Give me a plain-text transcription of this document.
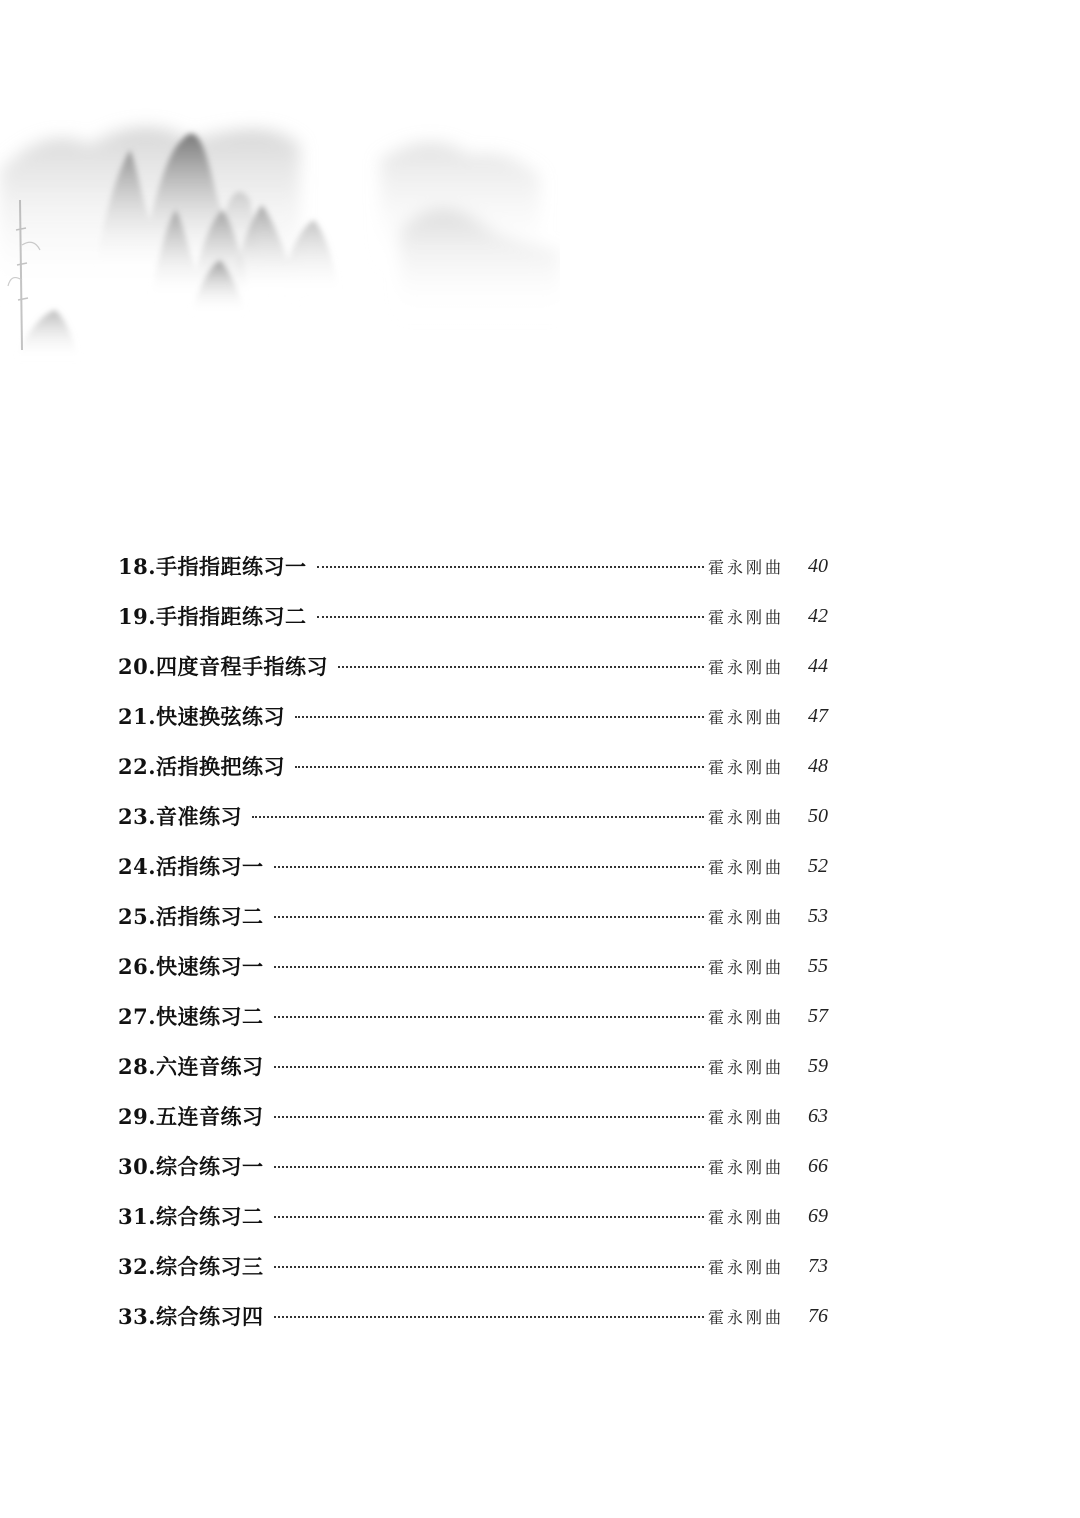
18.手指指距练习一	霍永刚曲	40
19.手指指距练习二	霍永刚曲	42
20.四度音程手指练习	霍永刚曲	44
21.快速换弦练习	霍永刚曲	47
22.活指换把练习	霍永刚曲	48
23.音准练习	霍永刚曲	50
24.活指练习一	霍永刚曲	52
25.活指练习二	霍永刚曲	53
26.快速练习一	霍永刚曲	55
27.快速练习二	霍永刚曲	57
28.六连音练习	霍永刚曲	59
29.五连音练习	霍永刚曲	63
30.综合练习一	霍永刚曲	66
31.综合练习二	霍永刚曲	69
32.综合练习三	霍永刚曲	73
33.综合练习四	霍永刚曲	76
